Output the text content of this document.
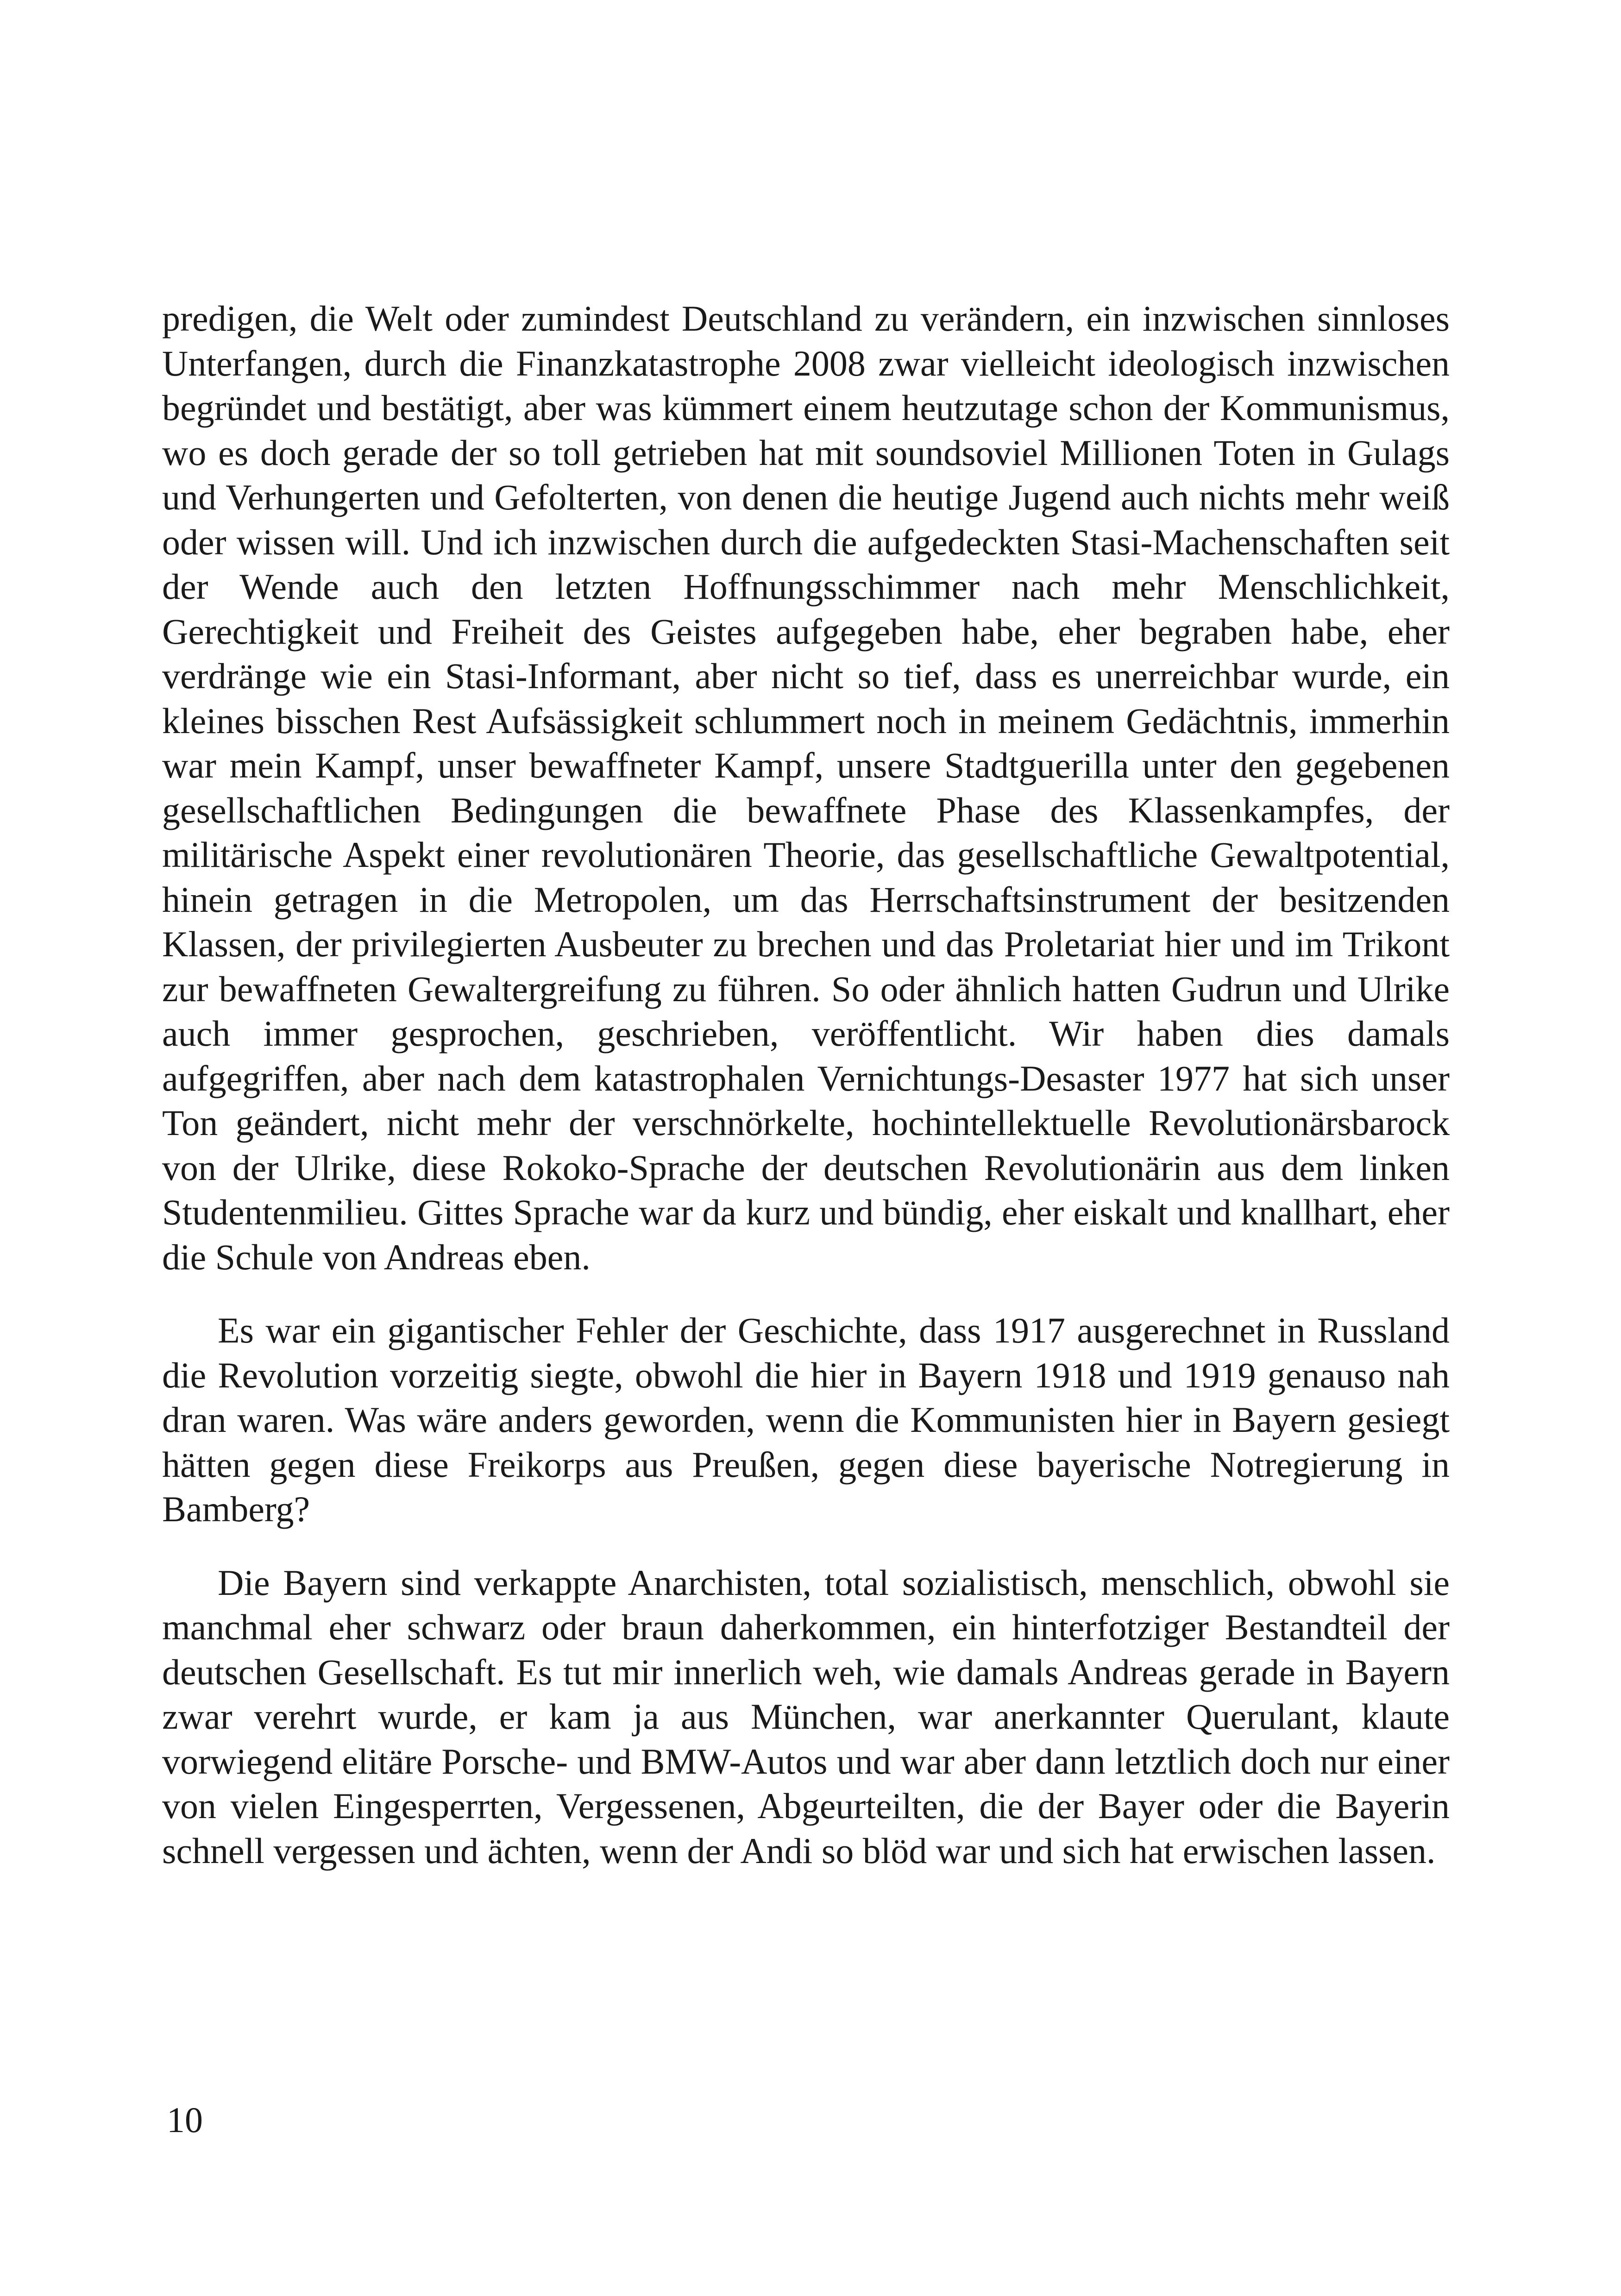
predigen, die Welt oder zumindest Deutschland zu verändern, ein inzwischen sinnloses Unterfangen, durch die Finanzkatastrophe 2008 zwar vielleicht ideologisch inzwischen begründet und bestätigt, aber was kümmert einem heutzutage schon der Kommunismus, wo es doch gerade der so toll getrieben hat mit soundsoviel Millionen Toten in Gulags und Verhungerten und Gefolterten, von denen die heutige Jugend auch nichts mehr weiß oder wissen will. Und ich inzwischen durch die aufgedeckten Stasi-Machenschaften seit der Wende auch den letzten Hoffnungsschimmer nach mehr Menschlichkeit, Gerechtigkeit und Freiheit des Geistes aufgegeben habe, eher begraben habe, eher verdränge wie ein Stasi-Informant, aber nicht so tief, dass es unerreichbar wurde, ein kleines bisschen Rest Aufsässigkeit schlummert noch in meinem Gedächtnis, immerhin war mein Kampf, unser bewaffneter Kampf, unsere Stadtguerilla unter den gegebenen gesellschaftlichen Bedingungen die bewaffnete Phase des Klassenkampfes, der militärische Aspekt einer revolutionären Theorie, das gesellschaftliche Gewaltpotential, hinein getragen in die Metropolen, um das Herrschaftsinstrument der besitzenden Klassen, der privilegierten Ausbeuter zu brechen und das Proletariat hier und im Trikont zur bewaffneten Gewaltergreifung zu führen. So oder ähnlich hatten Gudrun und Ulrike auch immer gesprochen, geschrieben, veröffentlicht. Wir haben dies damals aufgegriffen, aber nach dem katastrophalen Vernichtungs-Desaster 1977 hat sich unser Ton geändert, nicht mehr der verschnörkelte, hochintellektuelle Revolutionärsbarock von der Ulrike, diese Rokoko-Sprache der deutschen Revolutionärin aus dem linken Studentenmilieu. Gittes Sprache war da kurz und bündig, eher eiskalt und knallhart, eher die Schule von Andreas eben.

Es war ein gigantischer Fehler der Geschichte, dass 1917 ausgerechnet in Russland die Revolution vorzeitig siegte, obwohl die hier in Bayern 1918 und 1919 genauso nah dran waren. Was wäre anders geworden, wenn die Kommunisten hier in Bayern gesiegt hätten gegen diese Freikorps aus Preußen, gegen diese bayerische Notregierung in Bamberg?

Die Bayern sind verkappte Anarchisten, total sozialistisch, menschlich, obwohl sie manchmal eher schwarz oder braun daherkommen, ein hinterfotziger Bestandteil der deutschen Gesellschaft. Es tut mir innerlich weh, wie damals Andreas gerade in Bayern zwar verehrt wurde, er kam ja aus München, war anerkannter Querulant, klaute vorwiegend elitäre Porsche- und BMW-Autos und war aber dann letztlich doch nur einer von vielen Eingesperrten, Vergessenen, Abgeurteilten, die der Bayer oder die Bayerin schnell vergessen und ächten, wenn der Andi so blöd war und sich hat erwischen lassen.

10
